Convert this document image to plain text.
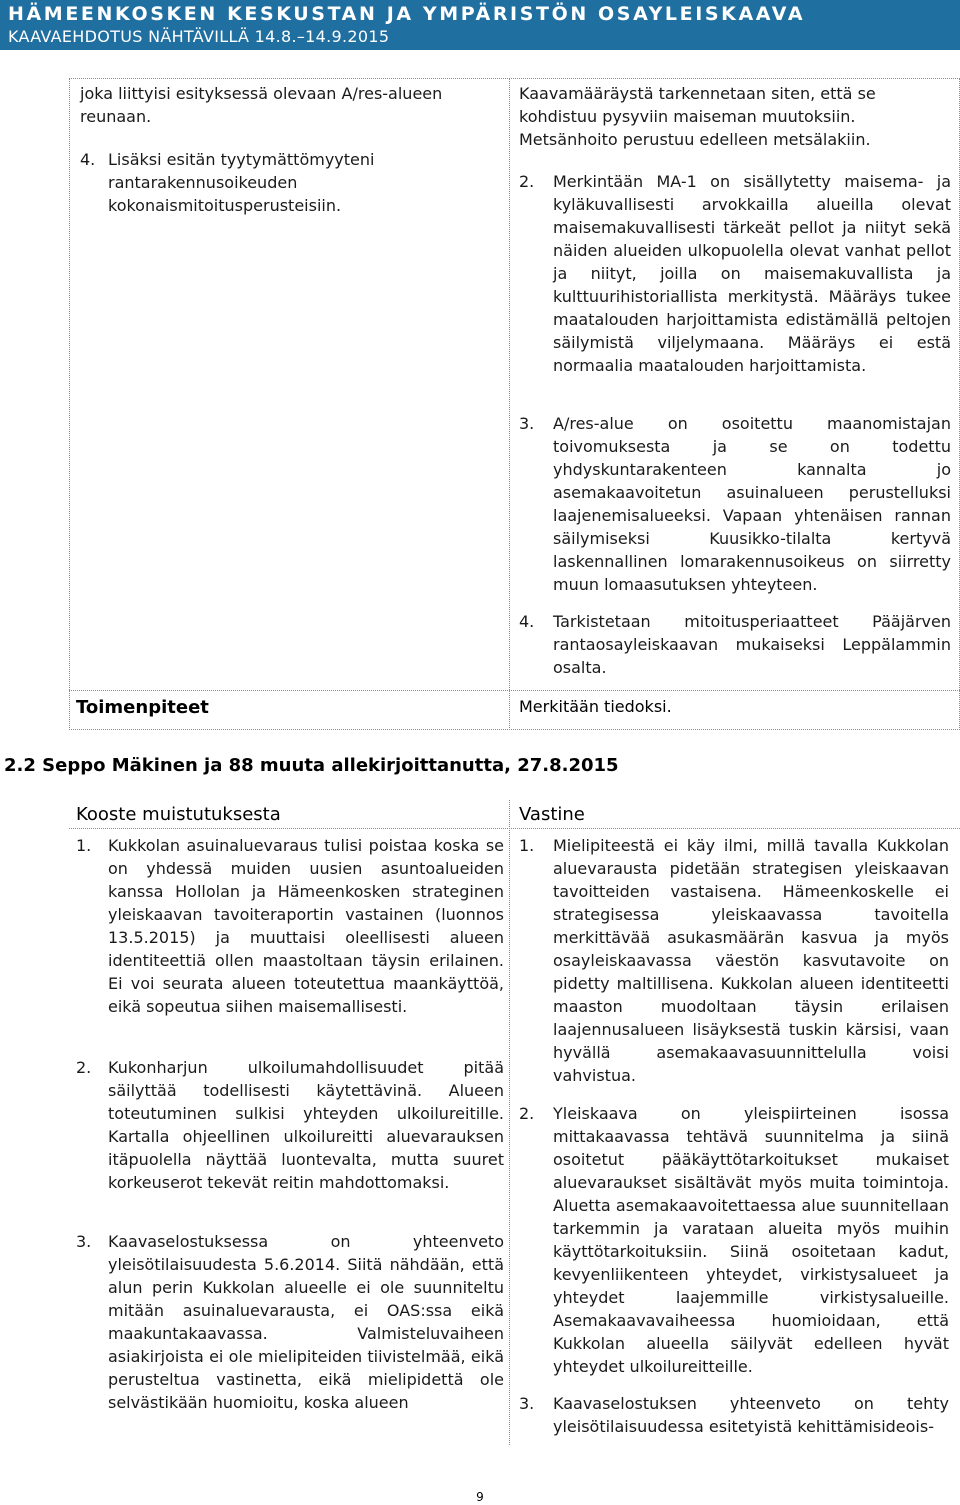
HÄMEENKOSKEN KESKUSTAN JA YMPÄRISTÖN OSAYLEISKAAVA
KAAVAEHDOTUS NÄHTÄVILLÄ 14.8.–14.9.2015
joka liittyisi esityksessä olevaan A/res-alueen reunaan.
4. Lisäksi esitän tyytymättömyyteni rantarakennusoikeuden kokonaismitoitusperusteisiin.
Kaavamääräystä tarkennetaan siten, että se kohdistuu pysyviin maiseman muutoksiin. Metsänhoito perustuu edelleen metsälakiin.
2. Merkintään MA-1 on sisällytetty maisema- ja kyläkuvallisesti arvokkailla alueilla olevat maisemakuvallisesti tärkeät pellot ja niityt sekä näiden alueiden ulkopuolella olevat vanhat pellot ja niityt, joilla on maisemakuvallista ja kulttuurihistoriallista merkitystä. Määräys tukee maatalouden harjoittamista edistämällä peltojen säilymistä viljelymaana. Määräys ei estä normaalia maatalouden harjoittamista.
3. A/res-alue on osoitettu maanomistajan toivomuksesta ja se on todettu yhdyskuntarakenteen kannalta jo asemakaavoitetun asuinalueen perustelluksi laajenemisalueeksi. Vapaan yhtenäisen rannan säilymiseksi Kuusikko-tilalta kertyvä laskennallinen lomarakennusoikeus on siirretty muun lomaasutuksen yhteyteen.
4. Tarkistetaan mitoitusperiaatteet Pääjärven rantaosayleiskaavan mukaiseksi Leppälammin osalta.
Toimenpiteet	Merkitään tiedoksi.
2.2 Seppo Mäkinen ja 88 muuta allekirjoittanutta, 27.8.2015
Kooste muistutuksesta	Vastine
1. Kukkolan asuinaluevaraus tulisi poistaa koska se on yhdessä muiden uusien asuntoalueiden kanssa Hollolan ja Hämeenkosken strateginen yleiskaavan tavoiteraportin vastainen (luonnos 13.5.2015) ja muuttaisi oleellisesti alueen identiteettiä ollen maastoltaan täysin erilainen. Ei voi seurata alueen toteutettua maankäyttöä, eikä sopeutua siihen maisemallisesti.
2. Kukonharjun ulkoilumahdollisuudet pitää säilyttää todellisesti käytettävinä. Alueen toteutuminen sulkisi yhteyden ulkoilureitille. Kartalla ohjeellinen ulkoilureitti aluevarauksen itäpuolella näyttää luontevalta, mutta suuret korkeuserot tekevät reitin mahdottomaksi.
3. Kaavaselostuksessa on yhteenveto yleisötilaisuudesta 5.6.2014. Siitä nähdään, että alun perin Kukkolan alueelle ei ole suunniteltu mitään asuinaluevarausta, ei OAS:ssa eikä maakuntakaavassa. Valmisteluvaiheen asiakirjoista ei ole mielipiteiden tiivistelmää, eikä perusteltua vastinetta, eikä mielipidettä ole selvästikään huomioitu, koska alueen
1. Mielipiteestä ei käy ilmi, millä tavalla Kukkolan aluevarausta pidetään strategisen yleiskaavan tavoitteiden vastaisena. Hämeenkoskelle ei strategisessa yleiskaavassa tavoitella merkittävää asukasmäärän kasvua ja myös osayleiskaavassa väestön kasvutavoite on pidetty maltillisena. Kukkolan alueen identiteetti maaston muodoltaan täysin erilaisen laajennusalueen lisäyksestä tuskin kärsisi, vaan hyvällä asemakaavasuunnittelulla voisi vahvistua.
2. Yleiskaava on yleispiirteinen isossa mittakaavassa tehtävä suunnitelma ja siinä osoitetut pääkäyttötarkoitukset mukaiset aluevaraukset sisältävät myös muita toimintoja. Aluetta asemakaavoitettaessa alue suunnitellaan tarkemmin ja varataan alueita myös muihin käyttötarkoituksiin. Siinä osoitetaan kadut, kevyenliikenteen yhteydet, virkistysalueet ja yhteydet laajemmille virkistysalueille. Asemakaavavaiheessa huomioidaan, että Kukkolan alueella säilyvät edelleen hyvät yhteydet ulkoilureitteille.
3. Kaavaselostuksen yhteenveto on tehty yleisötilaisuudessa esitetyistä kehittämisideois-
9
